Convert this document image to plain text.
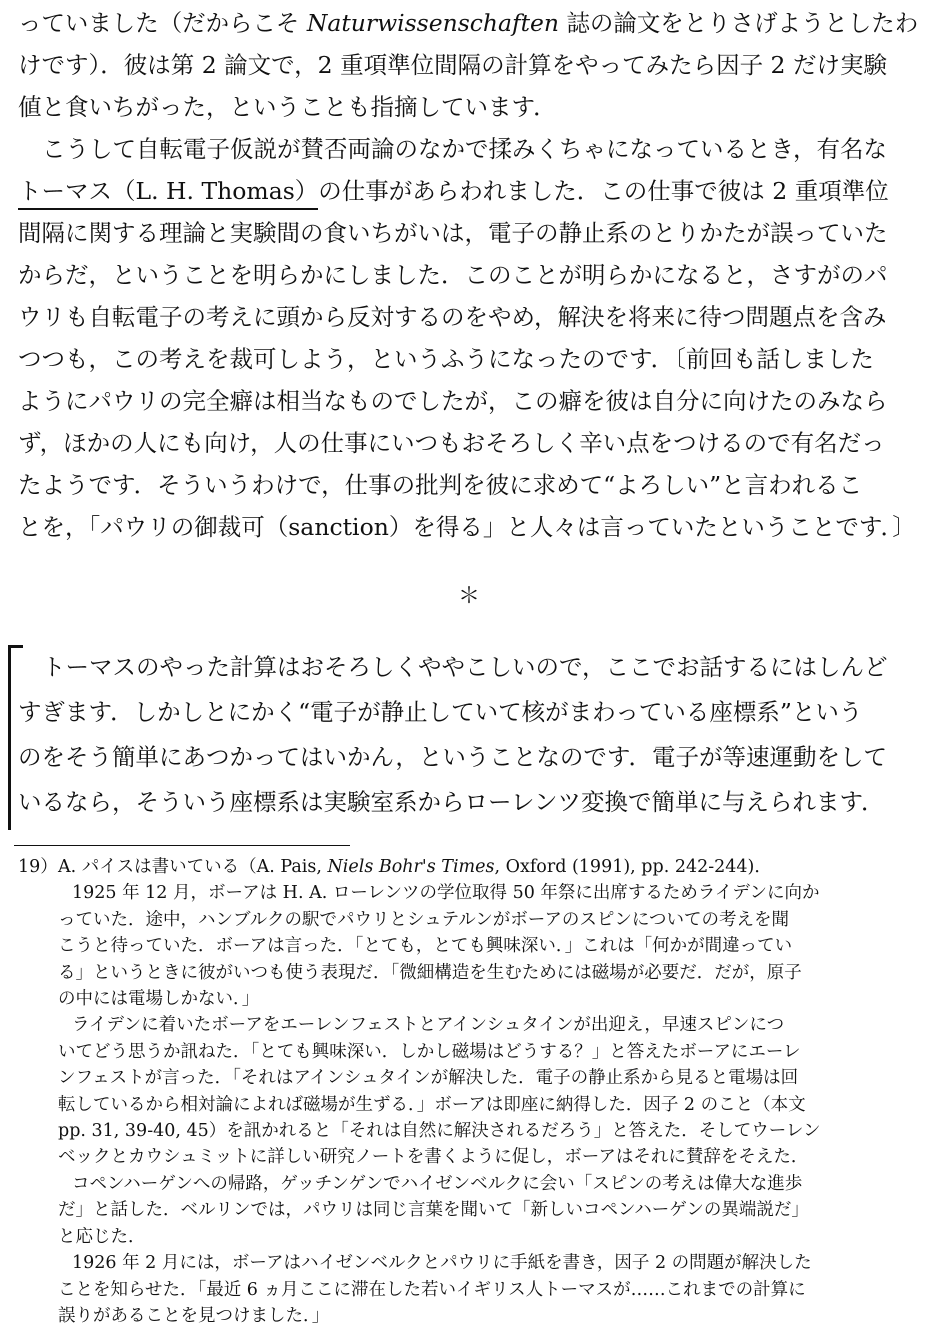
っていました（だからこそ Naturwissenschaften 誌の論文をとりさげようとしたわ
けです）．彼は第 2 論文で，2 重項準位間隔の計算をやってみたら因子 2 だけ実験
値と食いちがった，ということも指摘しています．

こうして自転電子仮説が賛否両論のなかで揉みくちゃになっているとき，有名な
トーマス（L. H. Thomas）の仕事があらわれました．この仕事で彼は 2 重項準位
間隔に関する理論と実験間の食いちがいは，電子の静止系のとりかたが誤っていた
からだ，ということを明らかにしました．このことが明らかになると，さすがのパ
ウリも自転電子の考えに頭から反対するのをやめ，解決を将来に待つ問題点を含み
つつも，この考えを裁可しよう，というふうになったのです．〔前回も話しました
ようにパウリの完全癖は相当なものでしたが，この癖を彼は自分に向けたのみなら
ず，ほかの人にも向け，人の仕事にいつもおそろしく辛い点をつけるので有名だっ
たようです．そういうわけで，仕事の批判を彼に求めて“よろしい”と言われるこ
とを，「パウリの御裁可（sanction）を得る」と人々は言っていたということです．〕

＊

トーマスのやった計算はおそろしくややこしいので，ここでお話するにはしんど
すぎます．しかしとにかく“電子が静止していて核がまわっている座標系”という
のをそう簡単にあつかってはいかん，ということなのです．電子が等速運動をして
いるなら，そういう座標系は実験室系からローレンツ変換で簡単に与えられます．

19）A. パイスは書いている（A. Pais, Niels Bohr's Times, Oxford (1991), pp. 242-244)．

1925 年 12 月，ボーアは H. A. ローレンツの学位取得 50 年祭に出席するためライデンに向か
っていた．途中，ハンブルクの駅でパウリとシュテルンがボーアのスピンについての考えを聞
こうと待っていた．ボーアは言った．「とても，とても興味深い．」これは「何かが間違ってい
る」というときに彼がいつも使う表現だ．「微細構造を生むためには磁場が必要だ．だが，原子
の中には電場しかない．」

ライデンに着いたボーアをエーレンフェストとアインシュタインが出迎え，早速スピンにつ
いてどう思うか訊ねた．「とても興味深い．しかし磁場はどうする？」と答えたボーアにエーレ
ンフェストが言った．「それはアインシュタインが解決した．電子の静止系から見ると電場は回
転しているから相対論によれば磁場が生ずる．」ボーアは即座に納得した．因子 2 のこと（本文
pp. 31, 39-40, 45）を訊かれると「それは自然に解決されるだろう」と答えた．そしてウーレン
ベックとカウシュミットに詳しい研究ノートを書くように促し，ボーアはそれに賛辞をそえた．

コペンハーゲンへの帰路，ゲッチンゲンでハイゼンベルクに会い「スピンの考えは偉大な進歩
だ」と話した．ベルリンでは，パウリは同じ言葉を聞いて「新しいコペンハーゲンの異端説だ」
と応じた．

1926 年 2 月には，ボーアはハイゼンベルクとパウリに手紙を書き，因子 2 の問題が解決した
ことを知らせた．「最近 6 ヵ月ここに滞在した若いイギリス人トーマスが……これまでの計算に
誤りがあることを見つけました．」
